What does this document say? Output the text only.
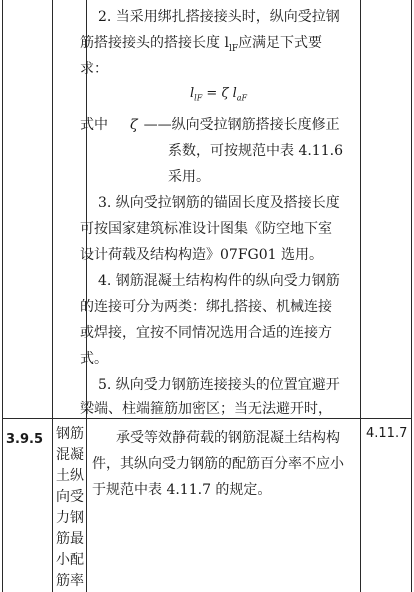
2. 当采用绑扎搭接接头时，纵向受拉钢
筋搭接接头的搭接长度 $l_{lF}$应满足下式要
求：
$l_{lF} = \zeta$ $l_{aF}$
式中 ζ ——纵向受拉钢筋搭接长度修正
系数，可按规范中表 4.11.6
采用。
3. 纵向受拉钢筋的锚固长度及搭接长度
可按国家建筑标准设计图集《防空地下室
设计荷载及结构构造》07FG01 选用。
4. 钢筋混凝土结构构件的纵向受力钢筋
的连接可分为两类：绑扎搭接、机械连接
或焊接，宜按不同情况选用合适的连接方
式。
5. 纵向受力钢筋连接接头的位置宜避开
梁端、柱端箍筋加密区；当无法避开时，
3.9.5 钢筋
混凝
土纵
向受
力钢
筋最
小配
筋率
承受等效静荷载的钢筋混凝土结构构
件，其纵向受力钢筋的配筋百分率不应小
于规范中表 4.11.7 的规定。
4.11.7
